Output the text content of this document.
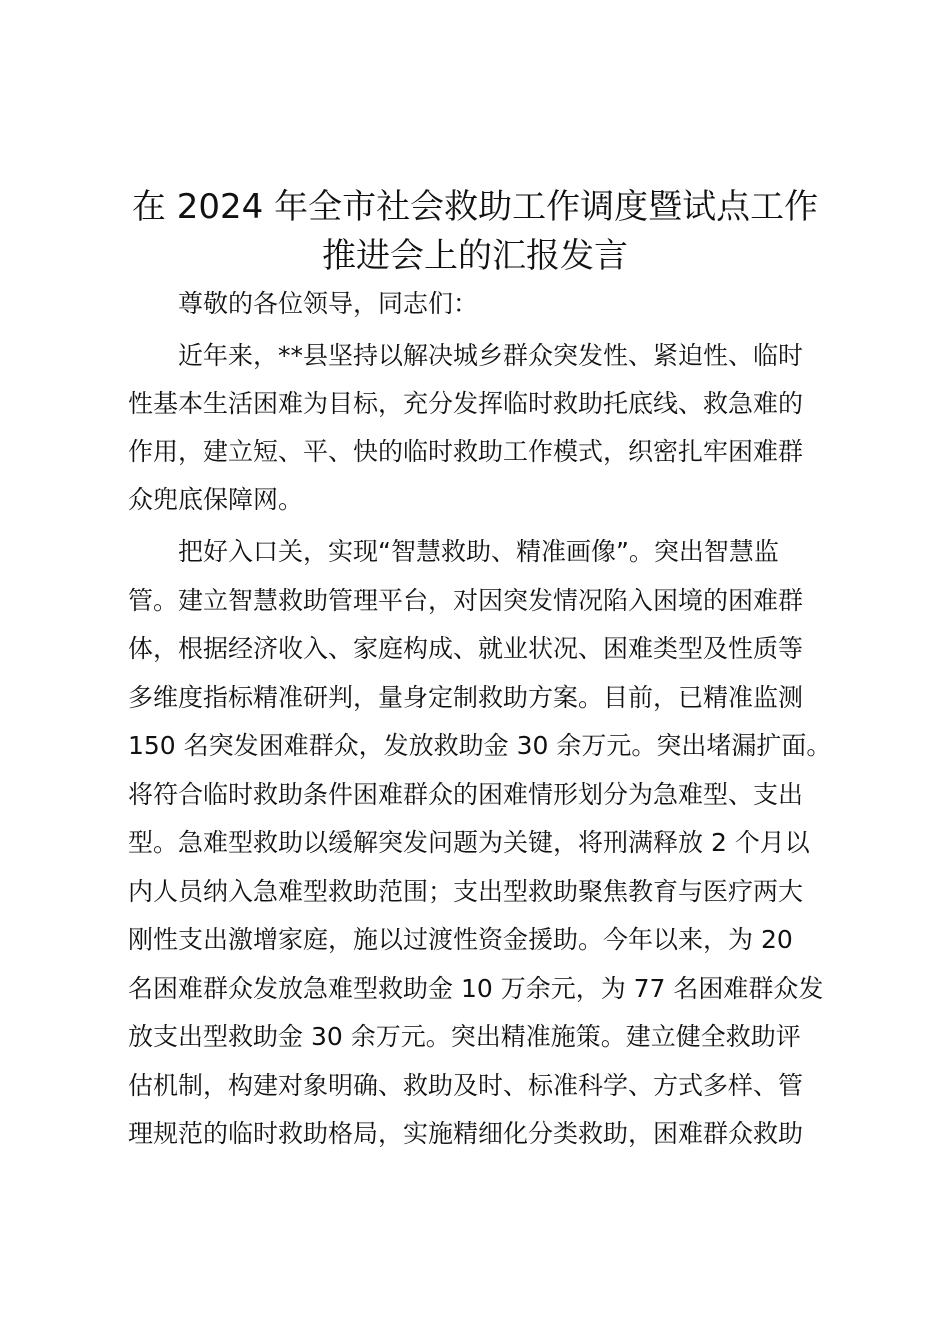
在 2024 年全市社会救助工作调度暨试点工作
推进会上的汇报发言
尊敬的各位领导，同志们：
近年来，**县坚持以解决城乡群众突发性、紧迫性、临时
性基本生活困难为目标，充分发挥临时救助托底线、救急难的
作用，建立短、平、快的临时救助工作模式，织密扎牢困难群
众兜底保障网。
把好入口关，实现“智慧救助、精准画像”。突出智慧监
管。建立智慧救助管理平台，对因突发情况陷入困境的困难群
体，根据经济收入、家庭构成、就业状况、困难类型及性质等
多维度指标精准研判，量身定制救助方案。目前，已精准监测
150 名突发困难群众，发放救助金 30 余万元。突出堵漏扩面。
将符合临时救助条件困难群众的困难情形划分为急难型、支出
型。急难型救助以缓解突发问题为关键，将刑满释放 2 个月以
内人员纳入急难型救助范围；支出型救助聚焦教育与医疗两大
刚性支出激增家庭，施以过渡性资金援助。今年以来，为 20
名困难群众发放急难型救助金 10 万余元，为 77 名困难群众发
放支出型救助金 30 余万元。突出精准施策。建立健全救助评
估机制，构建对象明确、救助及时、标准科学、方式多样、管
理规范的临时救助格局，实施精细化分类救助，困难群众救助
